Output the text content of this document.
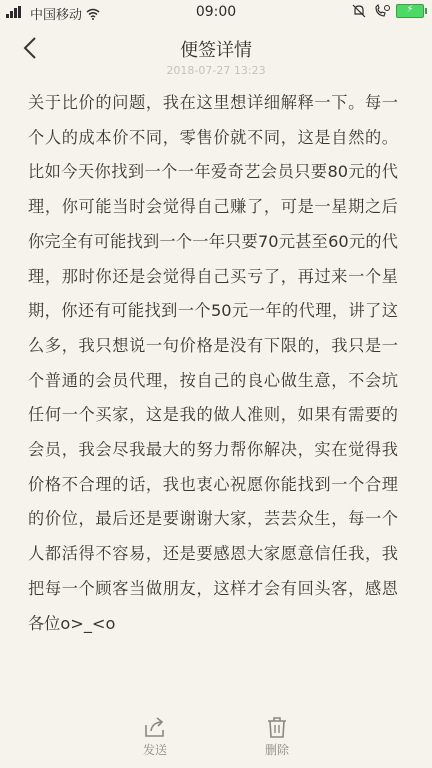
中国移动	09:00	⚡
便签详情
2018-07-27 13:23
关于比价的问题，我在这里想详细解释一下。每一个人的成本价不同，零售价就不同，这是自然的。比如今天你找到一个一年爱奇艺会员只要80元的代理，你可能当时会觉得自己赚了，可是一星期之后你完全有可能找到一个一年只要70元甚至60元的代理，那时你还是会觉得自己买亏了，再过来一个星期，你还有可能找到一个50元一年的代理，讲了这么多，我只想说一句价格是没有下限的，我只是一个普通的会员代理，按自己的良心做生意，不会坑任何一个买家，这是我的做人准则，如果有需要的会员，我会尽我最大的努力帮你解决，实在觉得我价格不合理的话，我也衷心祝愿你能找到一个合理的价位，最后还是要谢谢大家，芸芸众生，每一个人都活得不容易，还是要感恩大家愿意信任我，我把每一个顾客当做朋友，这样才会有回头客，感恩各位o>_<o
发送	删除
